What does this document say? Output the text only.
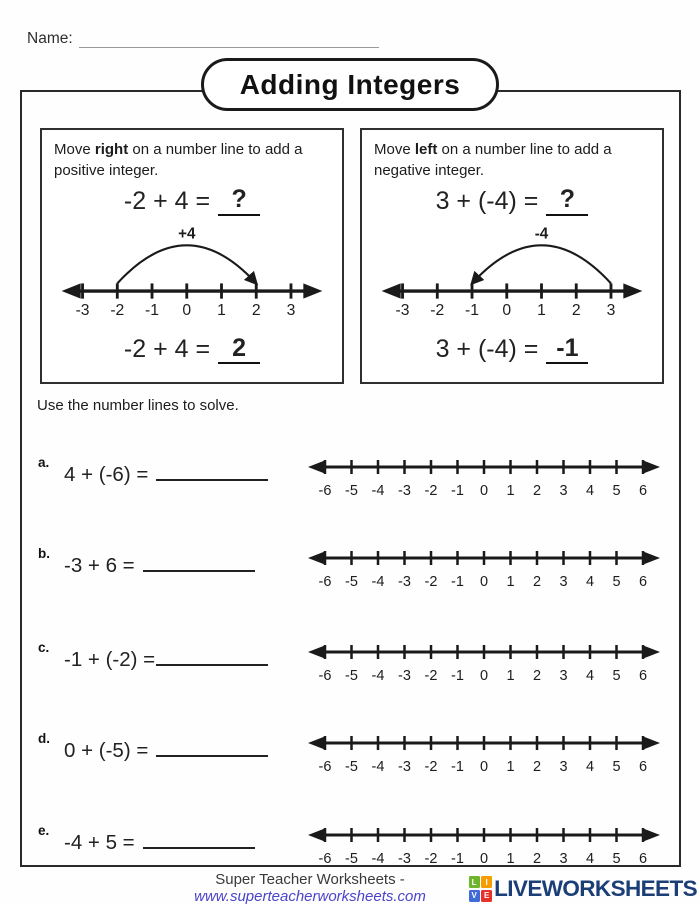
Name:
Adding Integers

Move right on a number line to add a positive integer.

-2 + 4 = ?
-3 -2 -1 0 1 2 3
+4
-2 + 4 = 2

Move left on a number line to add a negative integer.

3 + (-4) = ?
-3 -2 -1 0 1 2 3
-4
3 + (-4) = -1
Use the number lines to solve.
a.
4 + (-6) =
-6 -5 -4 -3 -2 -1 0 1 2 3 4 5 6
b.
-3 + 6 =
-6 -5 -4 -3 -2 -1 0 1 2 3 4 5 6
c.
-1 + (-2) =
-6 -5 -4 -3 -2 -1 0 1 2 3 4 5 6
d.
0 + (-5) =
-6 -5 -4 -3 -2 -1 0 1 2 3 4 5 6
e.
-4 + 5 =
-6 -5 -4 -3 -2 -1 0 1 2 3 4 5 6
Super Teacher Worksheets - www.superteacherworksheets.com
L	I
V E LIVEWORKSHEETS
